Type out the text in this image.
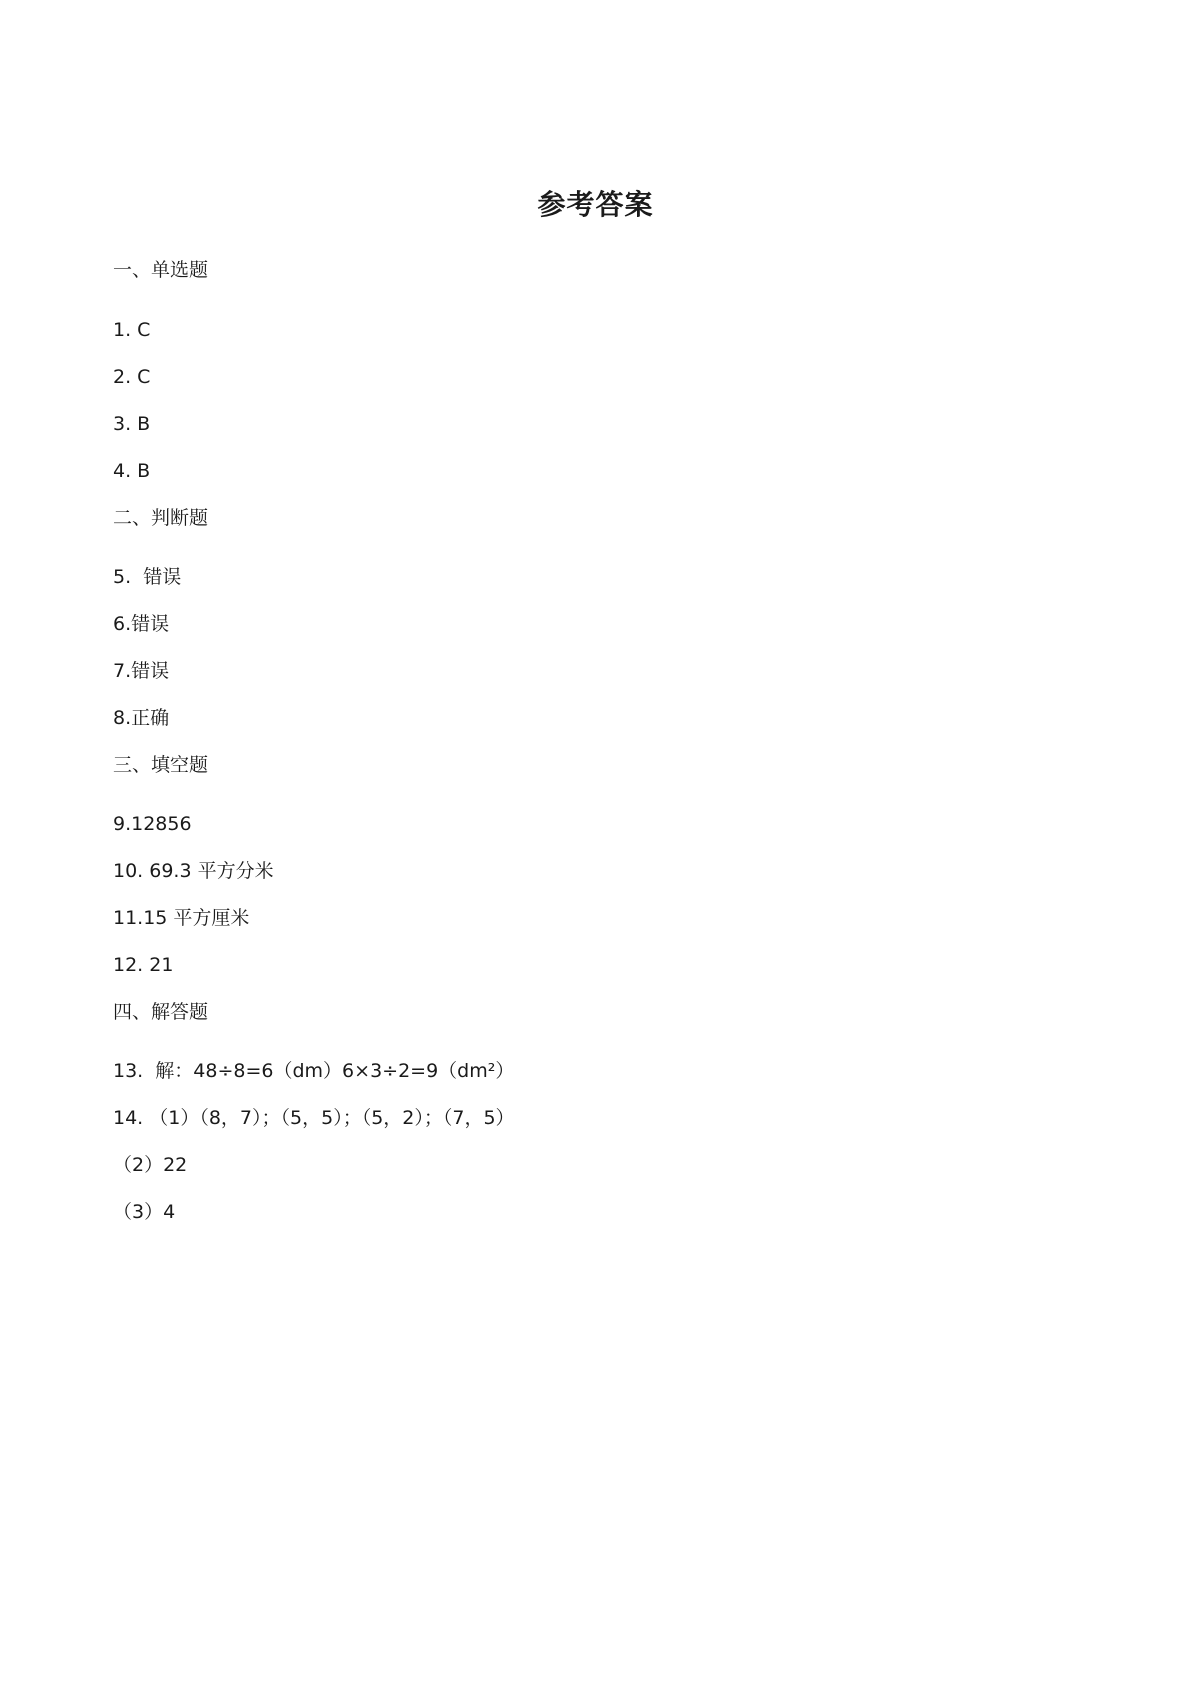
参考答案
一、单选题
1. C
2. C
3. B
4. B
二、判断题
5.  错误
6.错误
7.错误
8.正确
三、填空题
9.12856
10. 69.3 平方分米
11.15 平方厘米
12. 21
四、解答题
13.  解：48÷8=6（dm）6×3÷2=9（dm²）
14. （1）（8，7）；（5，5）；（5，2）；（7，5）
（2）22
（3）4
